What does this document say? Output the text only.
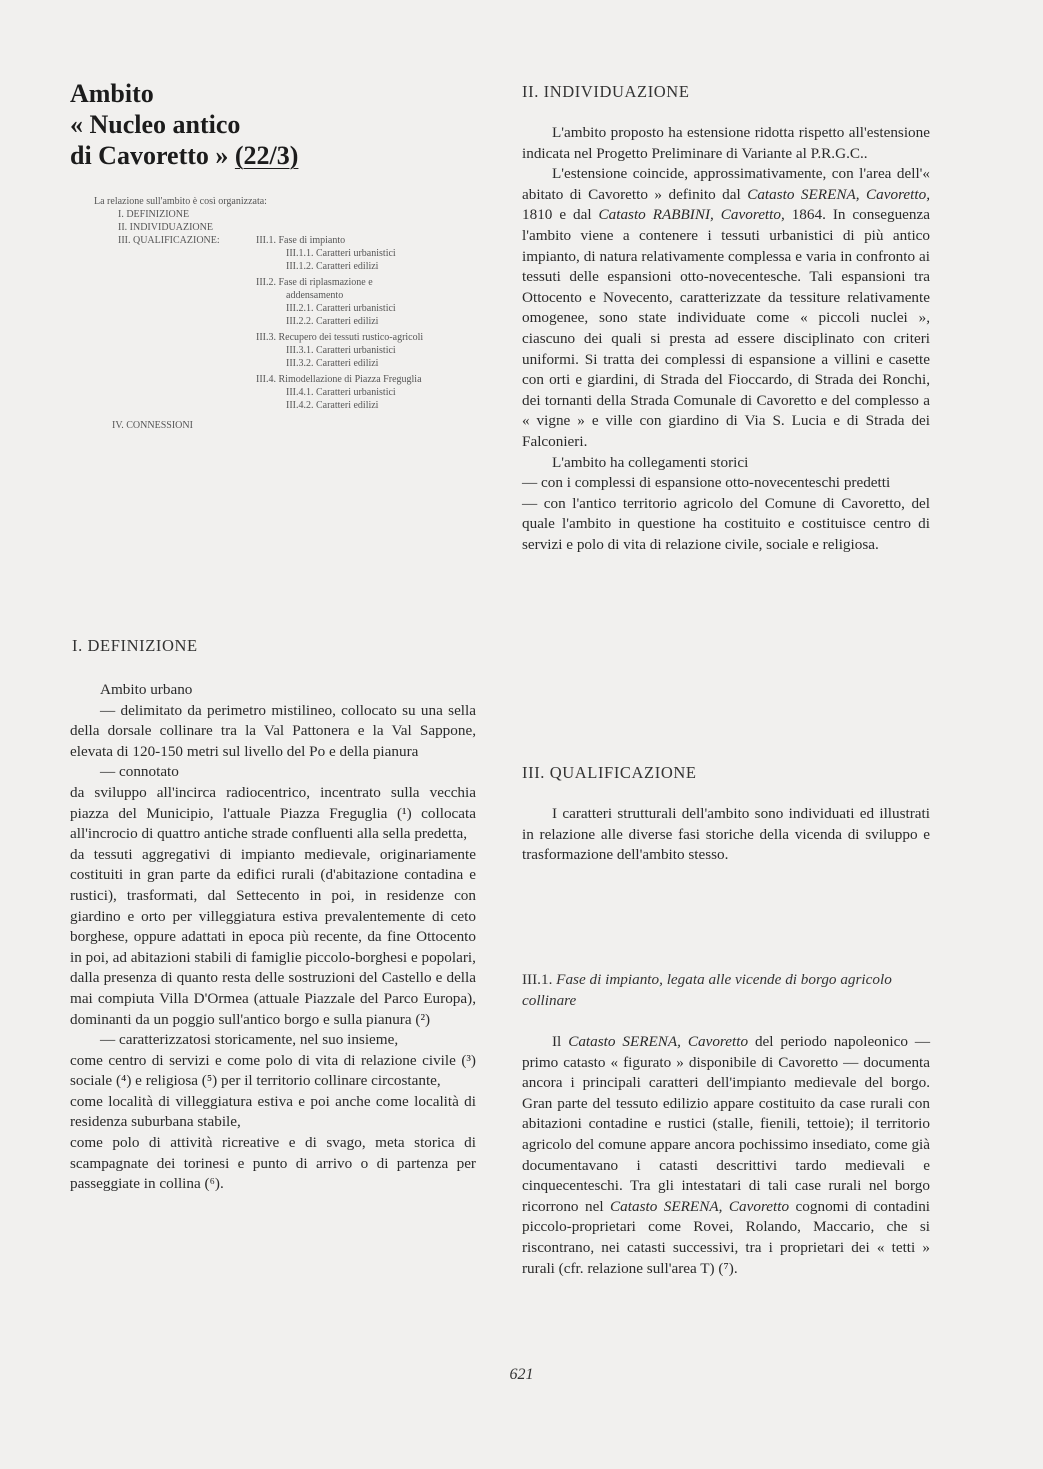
Ambito
« Nucleo antico
di Cavoretto » (22/3)
La relazione sull'ambito è così organizzata:
I. DEFINIZIONE
II. INDIVIDUAZIONE
III. QUALIFICAZIONE:	III.1. Fase di impianto
III.1.1. Caratteri urbanistici
III.1.2. Caratteri edilizi
III.2. Fase di riplasmazione e
addensamento
III.2.1. Caratteri urbanistici
III.2.2. Caratteri edilizi
III.3. Recupero dei tessuti rustico-agricoli
III.3.1. Caratteri urbanistici
III.3.2. Caratteri edilizi
III.4. Rimodellazione di Piazza Freguglia
III.4.1. Caratteri urbanistici
III.4.2. Caratteri edilizi
IV. CONNESSIONI
I. DEFINIZIONE

Ambito urbano

— delimitato da perimetro mistilineo, collocato su una sella della dorsale collinare tra la Val Pattonera e la Val Sappone, elevata di 120-150 metri sul livello del Po e della pianura

— connotato

da sviluppo all'incirca radiocentrico, incentrato sulla vecchia piazza del Municipio, l'attuale Piazza Freguglia (¹) collocata all'incrocio di quattro antiche strade confluenti alla sella predetta,

da tessuti aggregativi di impianto medievale, originariamente costituiti in gran parte da edifici rurali (d'abitazione contadina e rustici), trasformati, dal Settecento in poi, in residenze con giardino e orto per villeggiatura estiva prevalentemente di ceto borghese, oppure adattati in epoca più recente, da fine Ottocento in poi, ad abitazioni stabili di famiglie piccolo-borghesi e popolari,

dalla presenza di quanto resta delle sostruzioni del Castello e della mai compiuta Villa D'Ormea (attuale Piazzale del Parco Europa), dominanti da un poggio sull'antico borgo e sulla pianura (²)

— caratterizzatosi storicamente, nel suo insieme,

come centro di servizi e come polo di vita di relazione civile (³) sociale (⁴) e religiosa (⁵) per il territorio collinare circostante,

come località di villeggiatura estiva e poi anche come località di residenza suburbana stabile,

come polo di attività ricreative e di svago, meta storica di scampagnate dei torinesi e punto di arrivo o di partenza per passeggiate in collina (⁶).

II. INDIVIDUAZIONE

L'ambito proposto ha estensione ridotta rispetto all'estensione indicata nel Progetto Preliminare di Variante al P.R.G.C..

L'estensione coincide, approssimativamente, con l'area dell'« abitato di Cavoretto » definito dal Catasto SERENA, Cavoretto, 1810 e dal Catasto RABBINI, Cavoretto, 1864. In conseguenza l'ambito viene a contenere i tessuti urbanistici di più antico impianto, di natura relativamente complessa e varia in confronto ai tessuti delle espansioni otto-novecentesche. Tali espansioni tra Ottocento e Novecento, caratterizzate da tessiture relativamente omogenee, sono state individuate come « piccoli nuclei », ciascuno dei quali si presta ad essere disciplinato con criteri uniformi. Si tratta dei complessi di espansione a villini e casette con orti e giardini, di Strada del Fioccardo, di Strada dei Ronchi, dei tornanti della Strada Comunale di Cavoretto e del complesso a « vigne » e ville con giardino di Via S. Lucia e di Strada dei Falconieri.

L'ambito ha collegamenti storici

— con i complessi di espansione otto-novecenteschi predetti

— con l'antico territorio agricolo del Comune di Cavoretto, del quale l'ambito in questione ha costituito e costituisce centro di servizi e polo di vita di relazione civile, sociale e religiosa.

III. QUALIFICAZIONE

I caratteri strutturali dell'ambito sono individuati ed illustrati in relazione alle diverse fasi storiche della vicenda di sviluppo e trasformazione dell'ambito stesso.

III.1. Fase di impianto, legata alle vicende di borgo agricolo collinare

Il Catasto SERENA, Cavoretto del periodo napoleonico — primo catasto « figurato » disponibile di Cavoretto — documenta ancora i principali caratteri dell'impianto medievale del borgo. Gran parte del tessuto edilizio appare costituito da case rurali con abitazioni contadine e rustici (stalle, fienili, tettoie); il territorio agricolo del comune appare ancora pochissimo insediato, come già documentavano i catasti descrittivi tardo medievali e cinquecenteschi. Tra gli intestatari di tali case rurali nel borgo ricorrono nel Catasto SERENA, Cavoretto cognomi di contadini piccolo-proprietari come Rovei, Rolando, Maccario, che si riscontrano, nei catasti successivi, tra i proprietari dei « tetti » rurali (cfr. relazione sull'area T) (⁷).

621
